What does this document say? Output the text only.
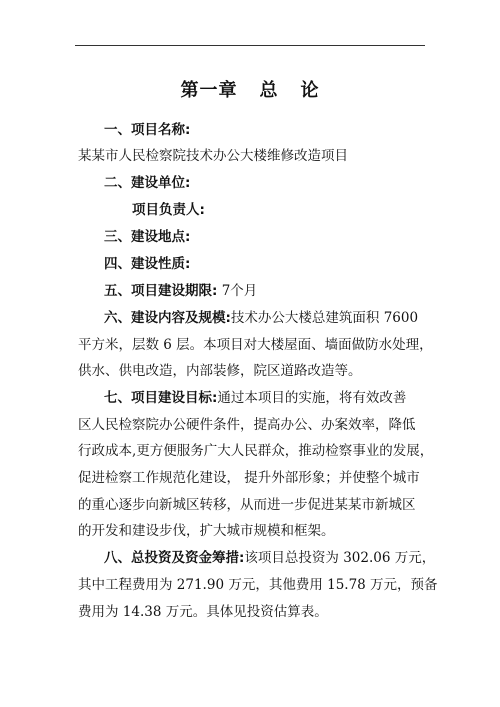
第一章 总 论
一、项目名称:
某某市人民检察院技术办公大楼维修改造项目
二、建设单位:
项目负责人:
三、建设地点:
四、建设性质:
五、项目建设期限: 7个月
六、建设内容及规模:技术办公大楼总建筑面积 7600
平方米，层数 6 层。本项目对大楼屋面、墙面做防水处理，
供水、供电改造，内部装修，院区道路改造等。
七、项目建设目标:通过本项目的实施，将有效改善
区人民检察院办公硬件条件，提高办公、办案效率，降低
行政成本,更方便服务广大人民群众，推动检察事业的发展，
促进检察工作规范化建设， 提升外部形象；并使整个城市
的重心逐步向新城区转移，从而进一步促进某某市新城区
的开发和建设步伐，扩大城市规模和框架。
八、总投资及资金筹措:该项目总投资为 302.06 万元，
其中工程费用为 271.90 万元，其他费用 15.78 万元，预备
费用为 14.38 万元。具体见投资估算表。
